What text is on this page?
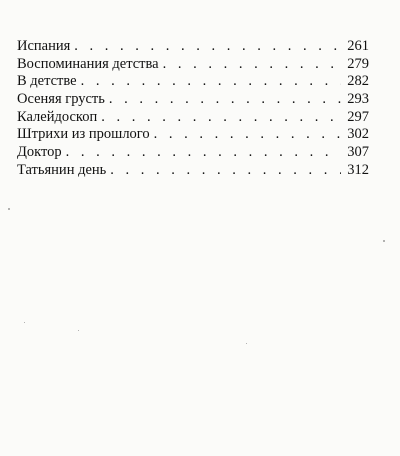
Испания . . .	261
Воспоминания детства . . .	279
В детстве . . .	282
Осеняя грусть . . .	293
Калейдоскоп . . .	297
Штрихи из прошлого . . .	302
Доктор . . .	307
Татьянин день . . .	312
